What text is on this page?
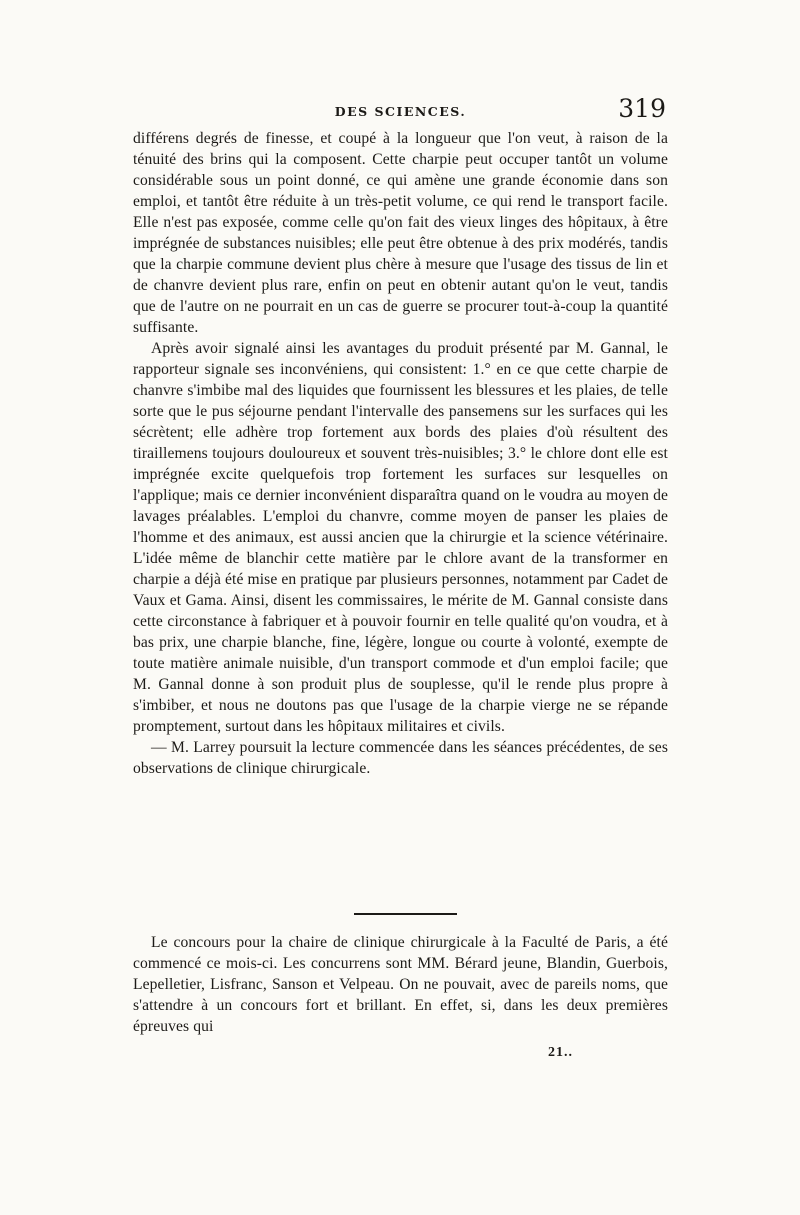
DES SCIENCES.	319

différens degrés de finesse, et coupé à la longueur que l'on veut, à raison de la ténuité des brins qui la composent. Cette charpie peut occuper tantôt un volume considérable sous un point donné, ce qui amène une grande économie dans son emploi, et tantôt être réduite à un très-petit volume, ce qui rend le transport facile. Elle n'est pas exposée, comme celle qu'on fait des vieux linges des hôpitaux, à être imprégnée de substances nuisibles; elle peut être obtenue à des prix modérés, tandis que la charpie commune devient plus chère à mesure que l'usage des tissus de lin et de chanvre devient plus rare, enfin on peut en obtenir autant qu'on le veut, tandis que de l'autre on ne pourrait en un cas de guerre se procurer tout-à-coup la quantité suffisante.

Après avoir signalé ainsi les avantages du produit présenté par M. Gannal, le rapporteur signale ses inconvéniens, qui consistent: 1.° en ce que cette charpie de chanvre s'imbibe mal des liquides que fournissent les blessures et les plaies, de telle sorte que le pus séjourne pendant l'intervalle des pansemens sur les surfaces qui les sécrètent; elle adhère trop fortement aux bords des plaies d'où résultent des tiraillemens toujours douloureux et souvent très-nuisibles; 3.° le chlore dont elle est imprégnée excite quelquefois trop fortement les surfaces sur lesquelles on l'applique; mais ce dernier inconvénient disparaîtra quand on le voudra au moyen de lavages préalables. L'emploi du chanvre, comme moyen de panser les plaies de l'homme et des animaux, est aussi ancien que la chirurgie et la science vétérinaire. L'idée même de blanchir cette matière par le chlore avant de la transformer en charpie a déjà été mise en pratique par plusieurs personnes, notamment par Cadet de Vaux et Gama. Ainsi, disent les commissaires, le mérite de M. Gannal consiste dans cette circonstance à fabriquer et à pouvoir fournir en telle qualité qu'on voudra, et à bas prix, une charpie blanche, fine, légère, longue ou courte à volonté, exempte de toute matière animale nuisible, d'un transport commode et d'un emploi facile; que M. Gannal donne à son produit plus de souplesse, qu'il le rende plus propre à s'imbiber, et nous ne doutons pas que l'usage de la charpie vierge ne se répande promptement, surtout dans les hôpitaux militaires et civils.

— M. Larrey poursuit la lecture commencée dans les séances précédentes, de ses observations de clinique chirurgicale.

Le concours pour la chaire de clinique chirurgicale à la Faculté de Paris, a été commencé ce mois-ci. Les concurrens sont MM. Bérard jeune, Blandin, Guerbois, Lepelletier, Lisfranc, Sanson et Velpeau. On ne pouvait, avec de pareils noms, que s'attendre à un concours fort et brillant. En effet, si, dans les deux premières épreuves qui

21..
